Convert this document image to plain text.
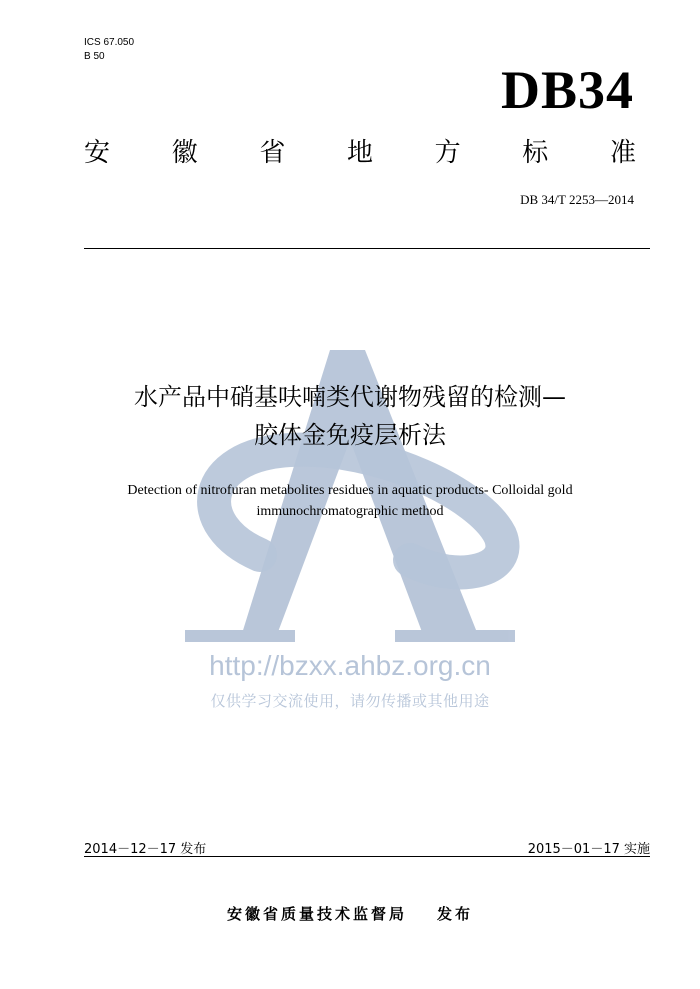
ICS 67.050
B 50
DB34
安 徽 省 地 方 标 准
DB 34/T 2253—2014
http://bzxx.ahbz.org.cn
仅供学习交流使用，请勿传播或其他用途
水产品中硝基呋喃类代谢物残留的检测—
胶体金免疫层析法
Detection of nitrofuran metabolites residues in aquatic products- Colloidal gold
immunochromatographic method
2014－12－17 发布	2015－01－17 实施
安徽省质量技术监督局 发布
